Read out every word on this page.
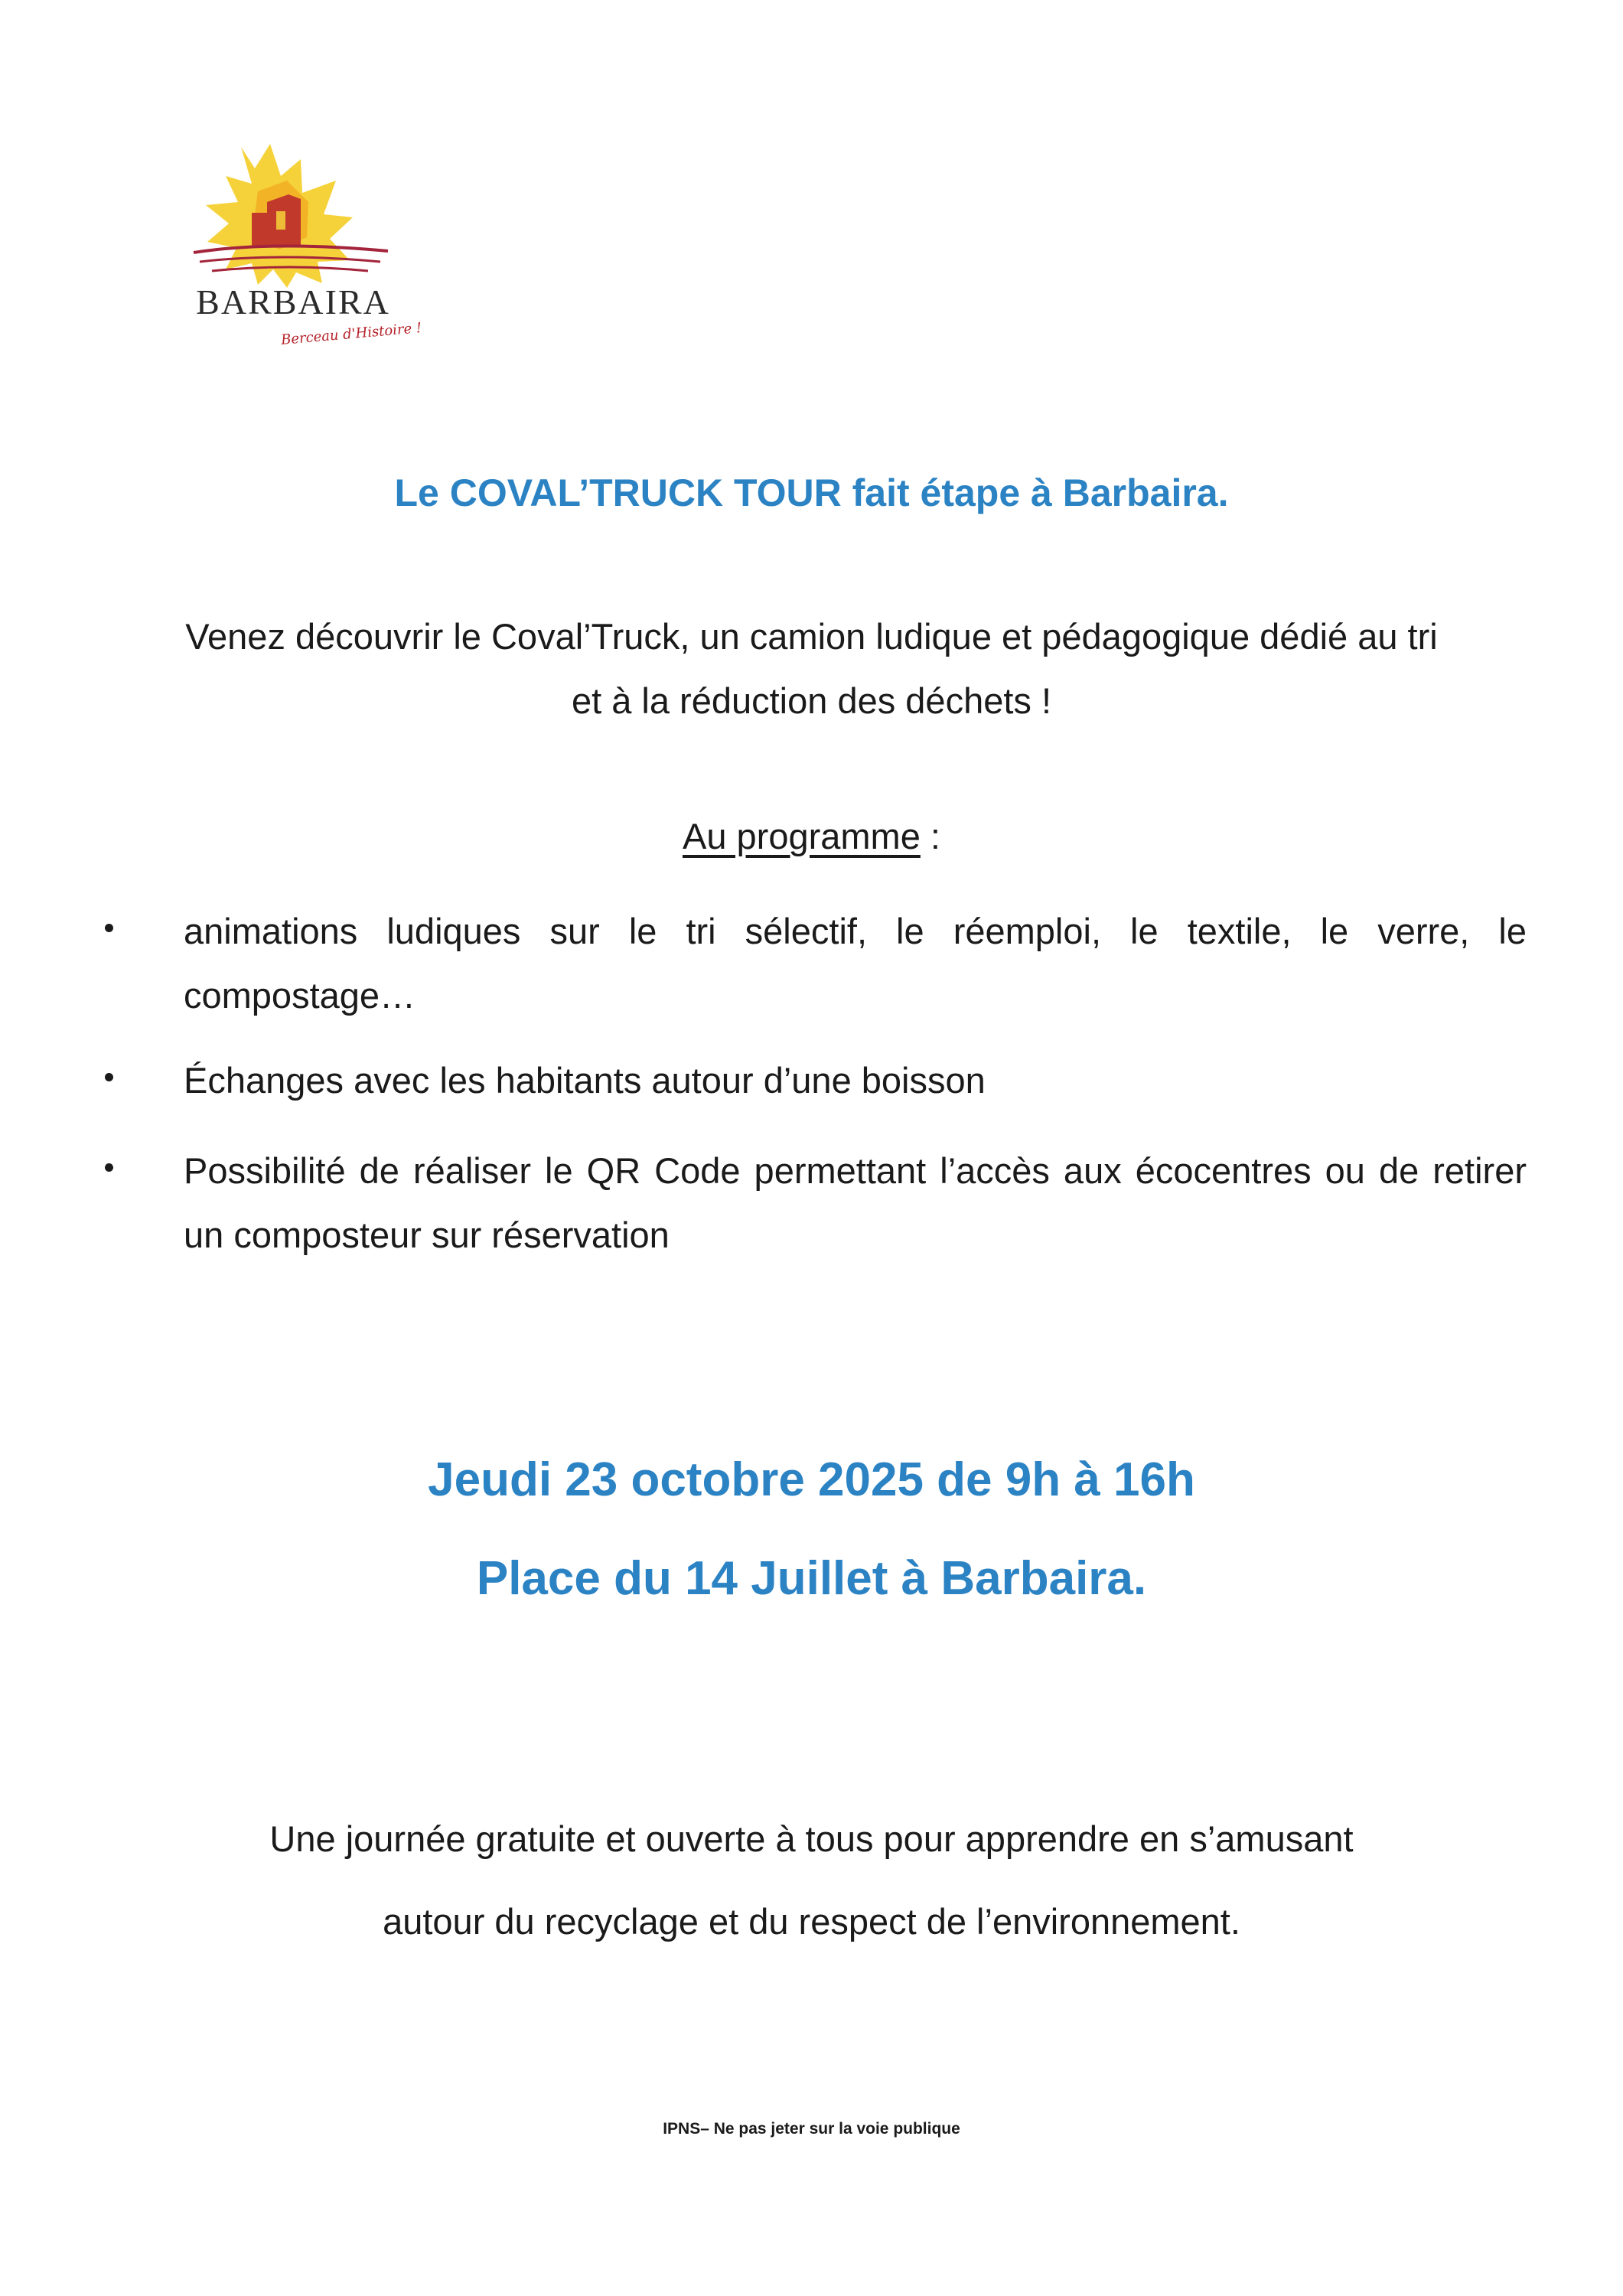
BARBAIRA
Berceau d'Histoire !
Le COVAL’TRUCK TOUR fait étape à Barbaira.
Venez découvrir le Coval’Truck, un camion ludique et pédagogique dédié au tri
et à la réduction des déchets !
Au programme :
animations ludiques sur le tri sélectif, le réemploi, le textile, le verre, le compostage…
Échanges avec les habitants autour d’une boisson
Possibilité de réaliser le QR Code permettant l’accès aux écocentres ou de retirer un composteur sur réservation
Jeudi 23 octobre 2025 de 9h à 16h
Place du 14 Juillet à Barbaira.
Une journée gratuite et ouverte à tous pour apprendre en s’amusant
autour du recyclage et du respect de l’environnement.
IPNS– Ne pas jeter sur la voie publique
